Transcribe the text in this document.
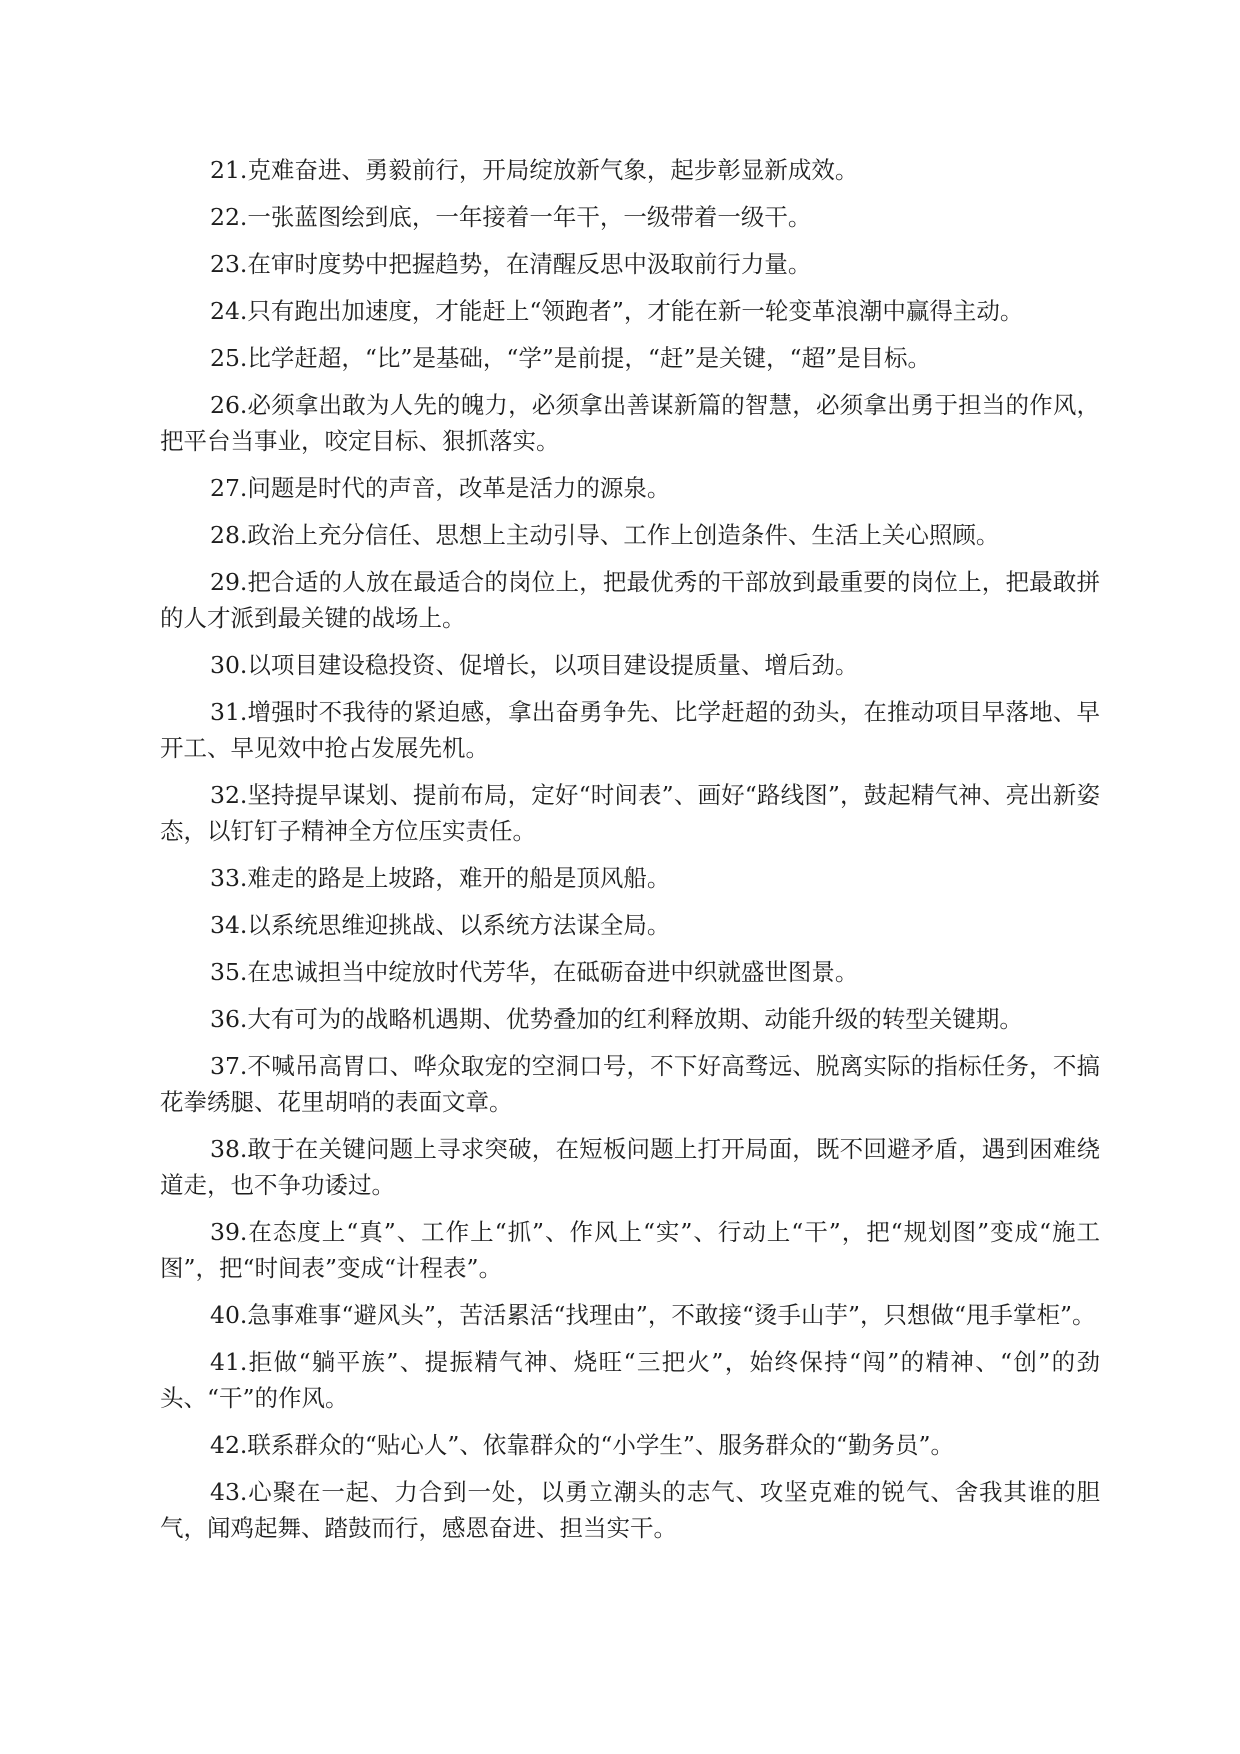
21.克难奋进、勇毅前行，开局绽放新气象，起步彰显新成效。

22.一张蓝图绘到底，一年接着一年干，一级带着一级干。

23.在审时度势中把握趋势，在清醒反思中汲取前行力量。

24.只有跑出加速度，才能赶上“领跑者”，才能在新一轮变革浪潮中赢得主动。

25.比学赶超，“比”是基础，“学”是前提，“赶”是关键，“超”是目标。

26.必须拿出敢为人先的魄力，必须拿出善谋新篇的智慧，必须拿出勇于担当的作风，把平台当事业，咬定目标、狠抓落实。

27.问题是时代的声音，改革是活力的源泉。

28.政治上充分信任、思想上主动引导、工作上创造条件、生活上关心照顾。

29.把合适的人放在最适合的岗位上，把最优秀的干部放到最重要的岗位上，把最敢拼的人才派到最关键的战场上。

30.以项目建设稳投资、促增长，以项目建设提质量、增后劲。

31.增强时不我待的紧迫感，拿出奋勇争先、比学赶超的劲头，在推动项目早落地、早开工、早见效中抢占发展先机。

32.坚持提早谋划、提前布局，定好“时间表”、画好“路线图”，鼓起精气神、亮出新姿态，以钉钉子精神全方位压实责任。

33.难走的路是上坡路，难开的船是顶风船。

34.以系统思维迎挑战、以系统方法谋全局。

35.在忠诚担当中绽放时代芳华，在砥砺奋进中织就盛世图景。

36.大有可为的战略机遇期、优势叠加的红利释放期、动能升级的转型关键期。

37.不喊吊高胃口、哗众取宠的空洞口号，不下好高骛远、脱离实际的指标任务，不搞花拳绣腿、花里胡哨的表面文章。

38.敢于在关键问题上寻求突破，在短板问题上打开局面，既不回避矛盾，遇到困难绕道走，也不争功诿过。

39.在态度上“真”、工作上“抓”、作风上“实”、行动上“干”，把“规划图”变成“施工图”，把“时间表”变成“计程表”。

40.急事难事“避风头”，苦活累活“找理由”，不敢接“烫手山芋”，只想做“甩手掌柜”。

41.拒做“躺平族”、提振精气神、烧旺“三把火”，始终保持“闯”的精神、“创”的劲头、“干”的作风。

42.联系群众的“贴心人”、依靠群众的“小学生”、服务群众的“勤务员”。

43.心聚在一起、力合到一处，以勇立潮头的志气、攻坚克难的锐气、舍我其谁的胆气，闻鸡起舞、踏鼓而行，感恩奋进、担当实干。
